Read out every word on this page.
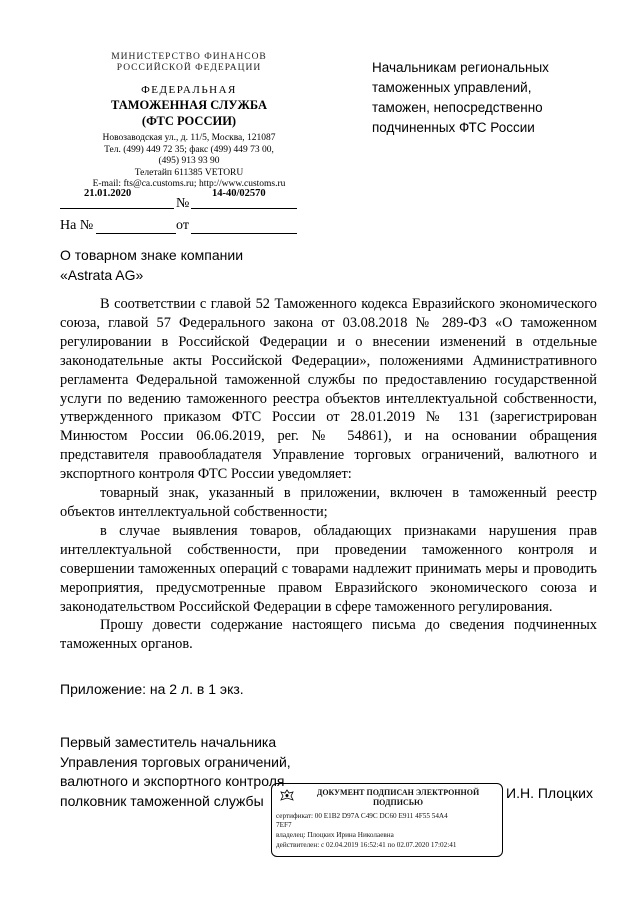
МИНИСТЕРСТВО ФИНАНСОВ
РОССИЙСКОЙ ФЕДЕРАЦИИ
ФЕДЕРАЛЬНАЯ
ТАМОЖЕННАЯ СЛУЖБА
(ФТС РОССИИ)
Новозаводская ул., д. 11/5, Москва, 121087
Тел. (499) 449 72 35; факс (499) 449 73 00,
(495) 913 93 90
Телетайп 611385 VETORU
E-mail: fts@ca.customs.ru; http://www.customs.ru
21.01.2020
№
14-40/02570
На №	от
Начальникам региональных
таможенных управлений,
таможен, непосредственно
подчиненных ФТС России
О товарном знаке компании
«Astrata AG»

В соответствии с главой 52 Таможенного кодекса Евразийского экономического союза, главой 57 Федерального закона от 03.08.2018 № 289-ФЗ «О таможенном регулировании в Российской Федерации и о внесении изменений в отдельные законодательные акты Российской Федерации», положениями Административного регламента Федеральной таможенной службы по предоставлению государственной услуги по ведению таможенного реестра объектов интеллектуальной собственности, утвержденного приказом ФТС России от 28.01.2019 № 131 (зарегистрирован Минюстом России 06.06.2019, рег. № 54861), и на основании обращения представителя правообладателя Управление торговых ограничений, валютного и экспортного контроля ФТС России уведомляет:

товарный знак, указанный в приложении, включен в таможенный реестр объектов интеллектуальной собственности;

в случае выявления товаров, обладающих признаками нарушения прав интеллектуальной собственности, при проведении таможенного контроля и совершении таможенных операций с товарами надлежит принимать меры и проводить мероприятия, предусмотренные правом Евразийского экономического союза и законодательством Российской Федерации в сфере таможенного регулирования.

Прошу довести содержание настоящего письма до сведения подчиненных таможенных органов.

Приложение: на 2 л. в 1 экз.
Первый заместитель начальника
Управления торговых ограничений,
валютного и экспортного контроля
полковник таможенной службы	ДОКУМЕНТ ПОДПИСАН ЭЛЕКТРОННОЙ
ПОДПИСЬЮ
сертификат: 00 E1B2 D97A C49C DC60 E911 4F55 54A4
7EF7
владелец: Плоцких Ирина Николаевна
действителен: с 02.04.2019 16:52:41 по 02.07.2020 17:02:41
И.Н. Плоцких
